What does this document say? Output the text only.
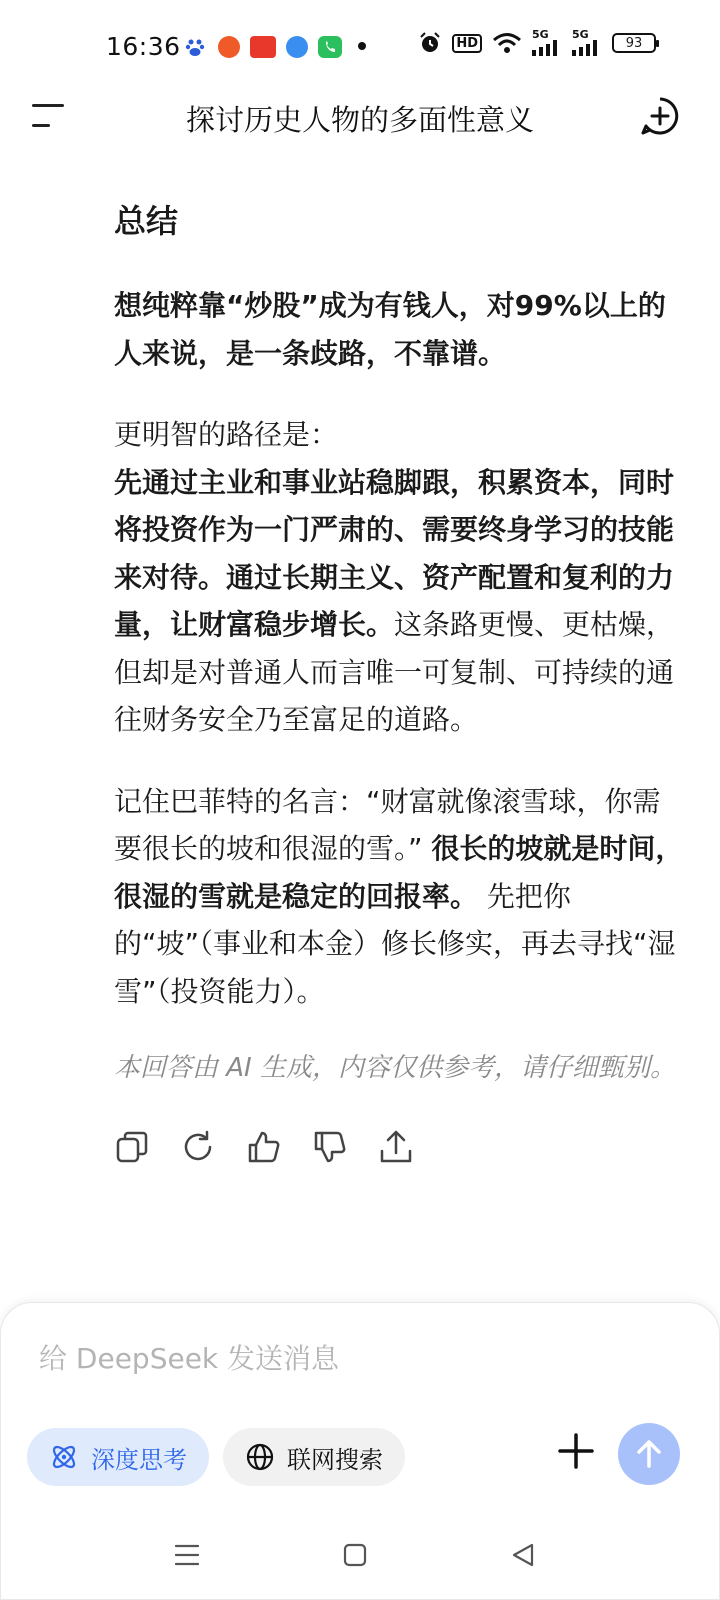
16:36	HD
5G 5G
93
探讨历史人物的多面性意义
总结

想纯粹靠“炒股”成为有钱人，对99%以上的人来说，是一条歧路，不靠谱。

更明智的路径是：
先通过主业和事业站稳脚跟，积累资本，同时将投资作为一门严肃的、需要终身学习的技能来对待。通过长期主义、资产配置和复利的力量，让财富稳步增长。这条路更慢、更枯燥，但却是对普通人而言唯一可复制、可持续的通往财务安全乃至富足的道路。

记住巴菲特的名言：“财富就像滚雪球，你需要很长的坡和很湿的雪。” 很长的坡就是时间，很湿的雪就是稳定的回报率。 先把你的“坡”（事业和本金）修长修实，再去寻找“湿雪”（投资能力）。

本回答由 AI 生成，内容仅供参考，请仔细甄别。
给 DeepSeek 发送消息
深度思考	联网搜索
